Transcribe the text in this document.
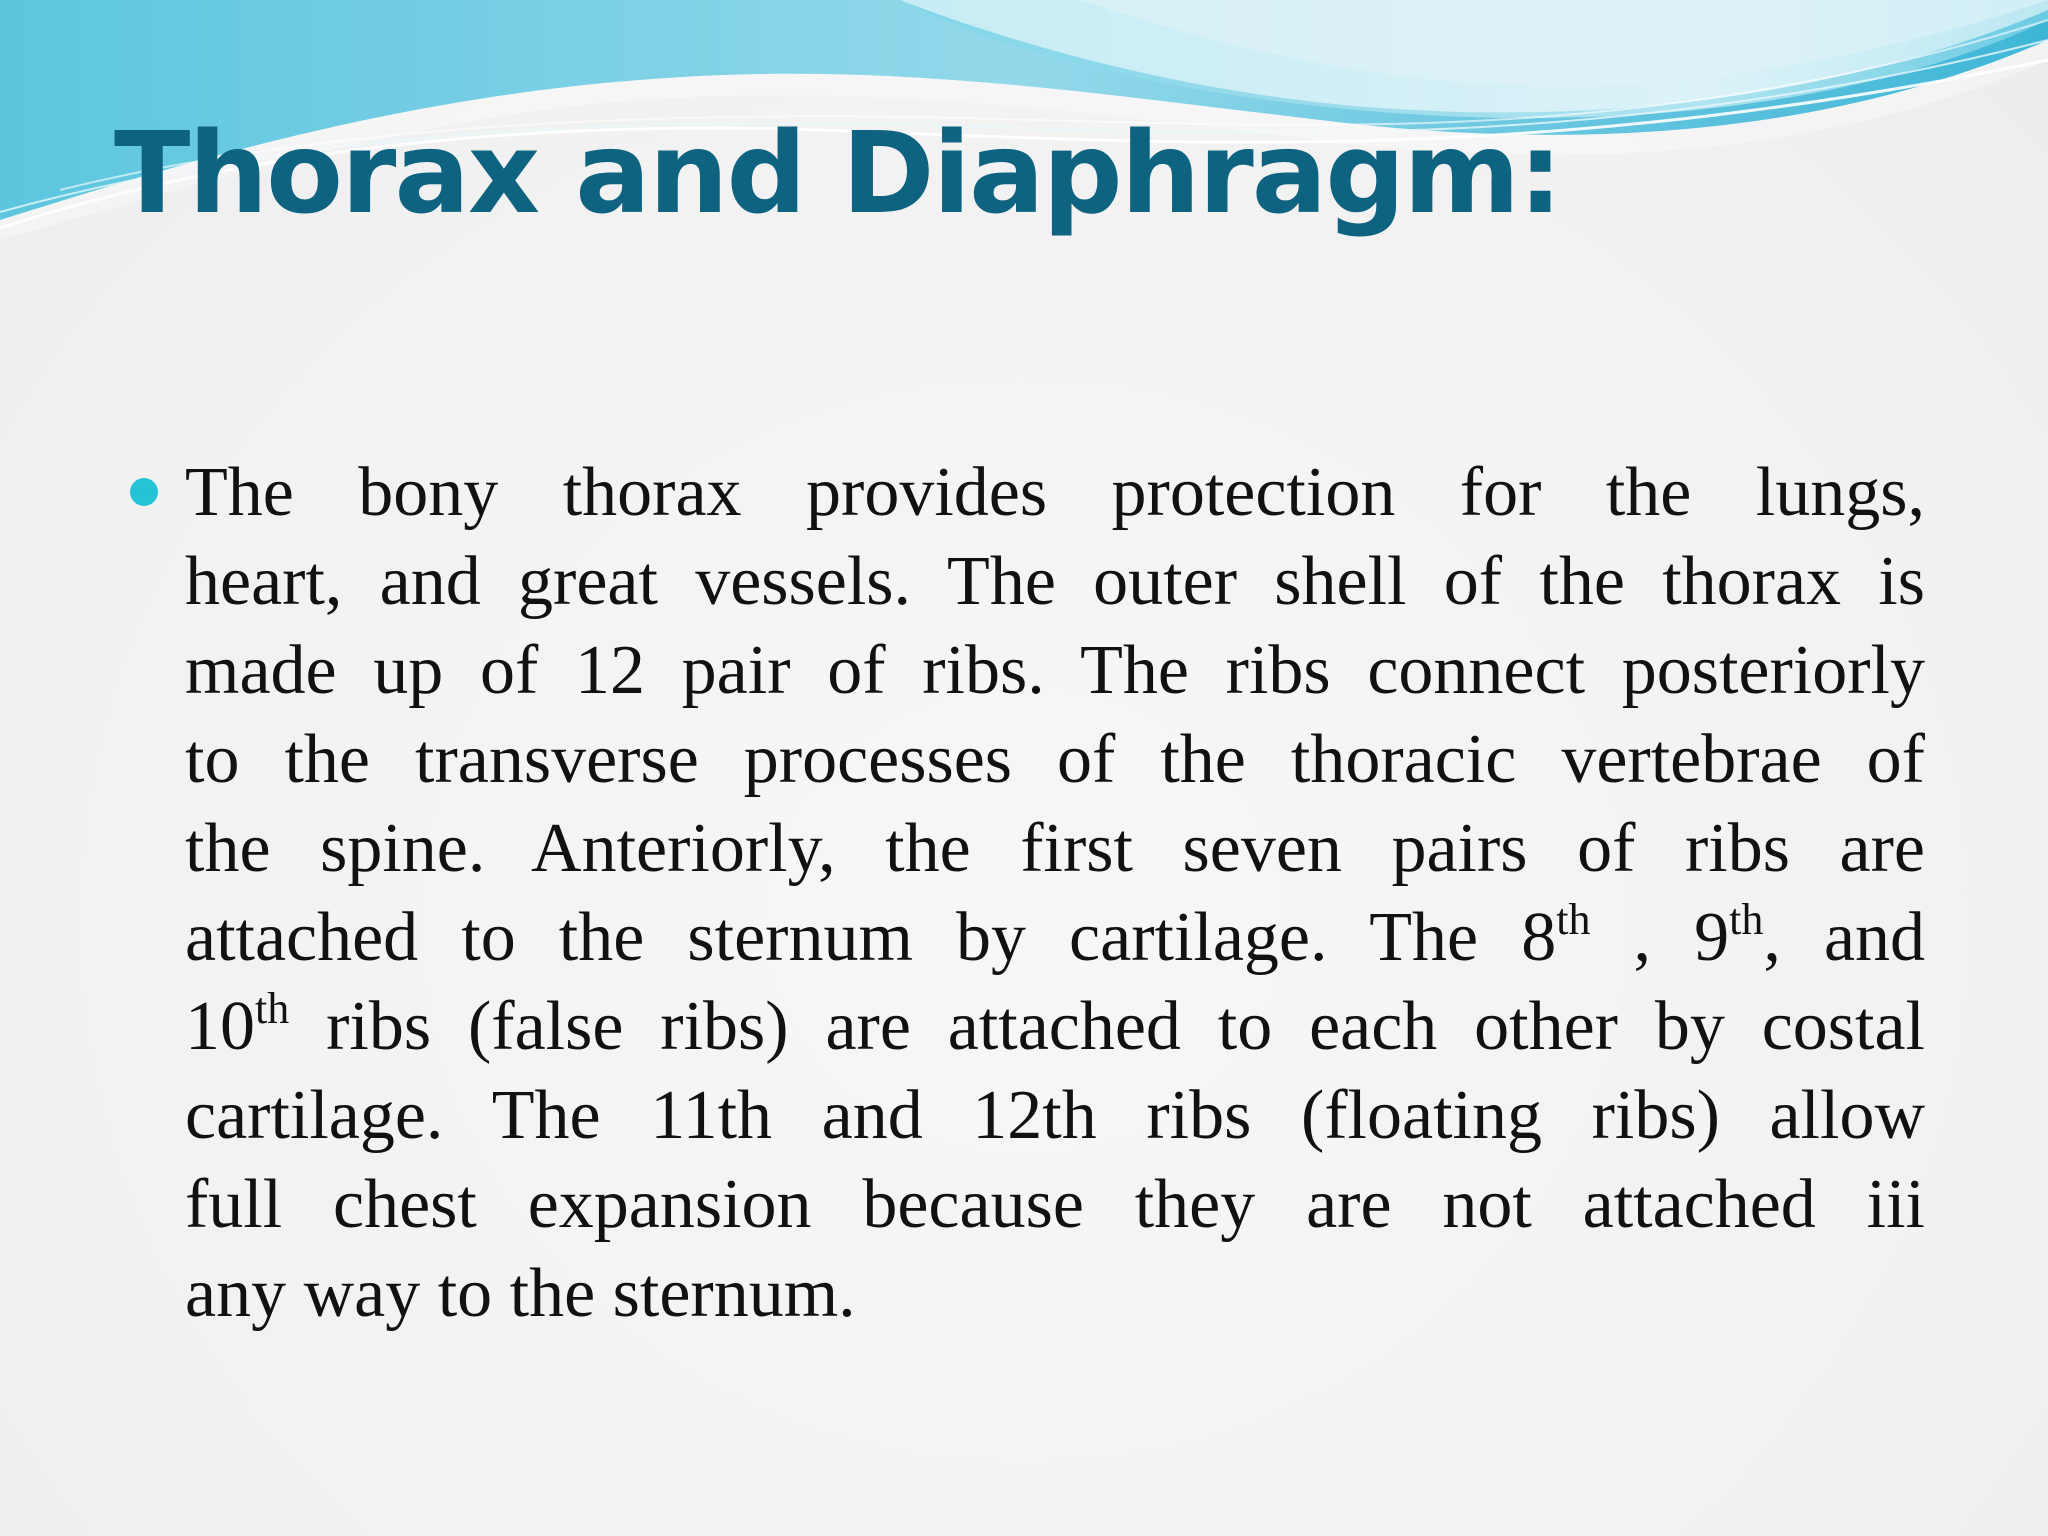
Thorax and Diaphragm:

The bony thorax provides protection for the lungs,
heart, and great vessels. The outer shell of the thorax is
made up of 12 pair of ribs. The ribs connect posteriorly
to the transverse processes of the thoracic vertebrae of
the spine. Anteriorly, the first seven pairs of ribs are
attached to the sternum by cartilage. The 8th , 9th, and
10th ribs (false ribs) are attached to each other by costal
cartilage. The 11th and 12th ribs (floating ribs) allow
full chest expansion because they are not attached iii
any way to the sternum.
